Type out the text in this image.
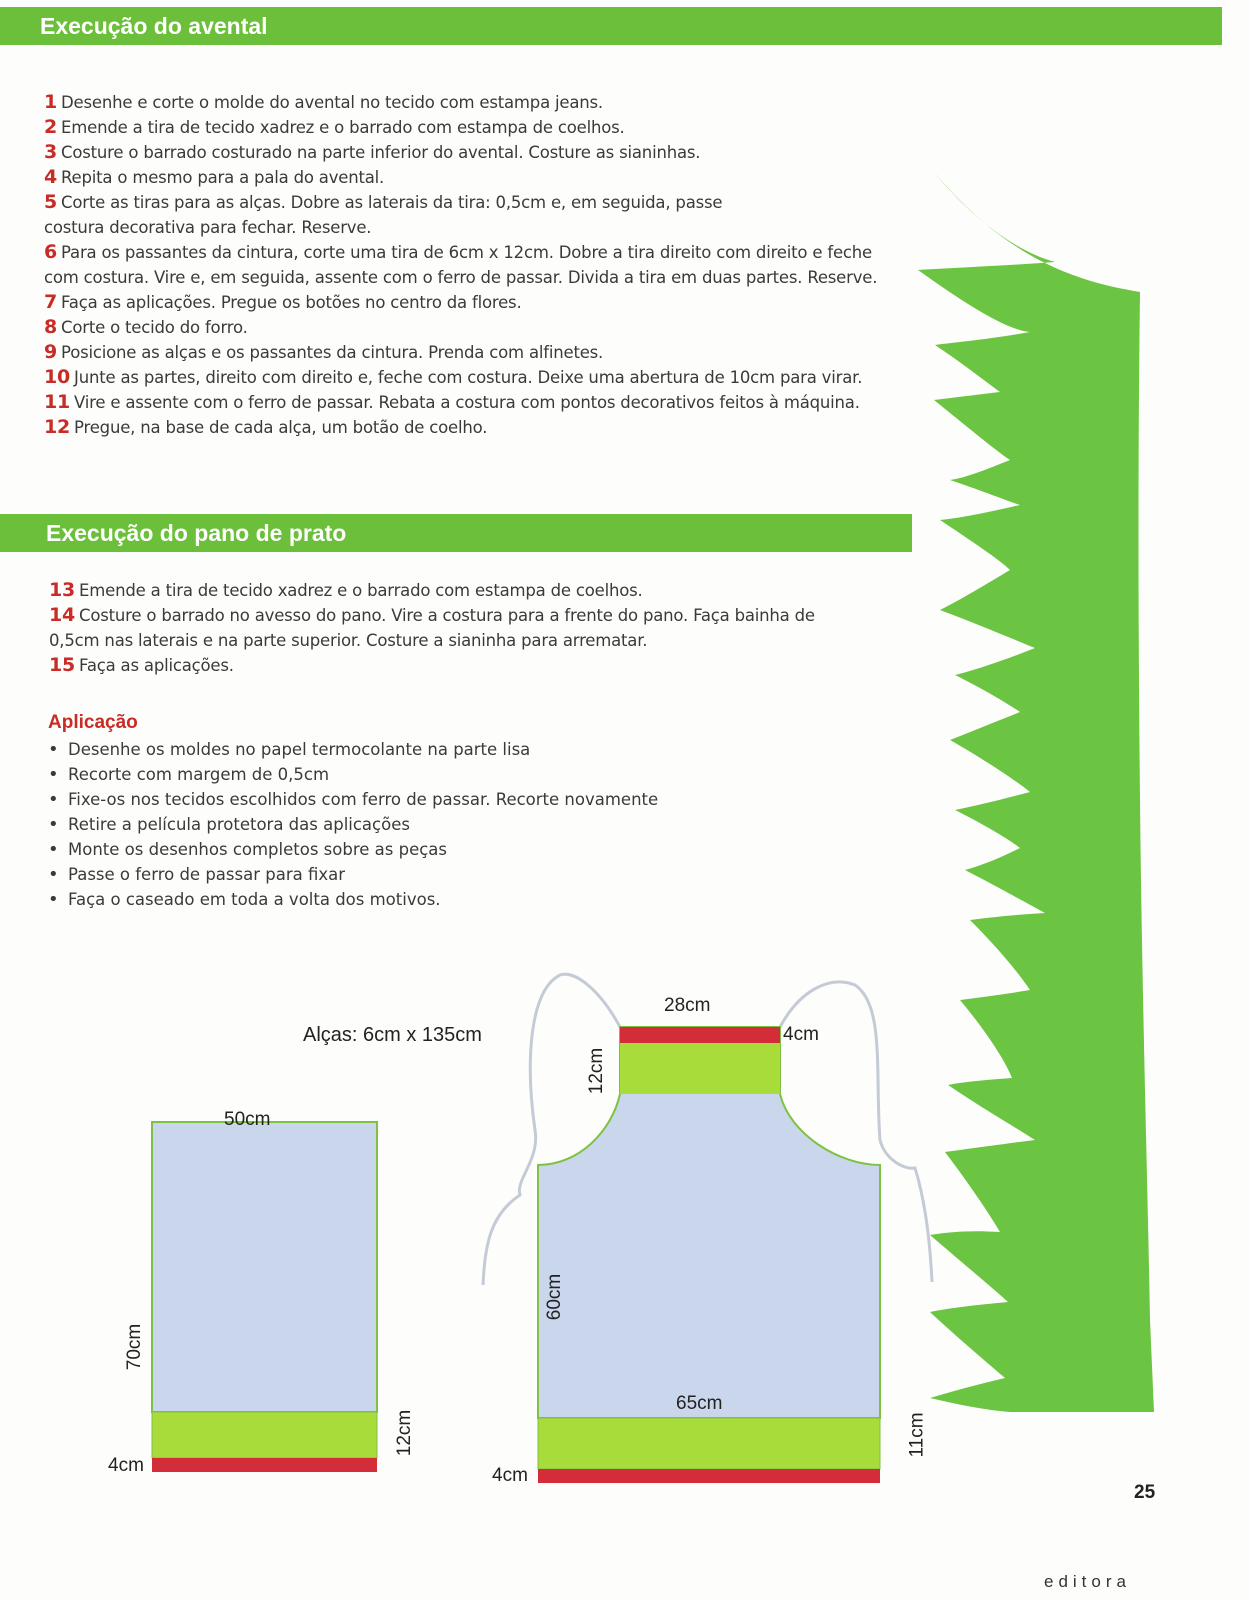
Execução do avental
1 Desenhe e corte o molde do avental no tecido com estampa jeans.
2 Emende a tira de tecido xadrez e o barrado com estampa de coelhos.
3 Costure o barrado costurado na parte inferior do avental. Costure as sianinhas.
4 Repita o mesmo para a pala do avental.
5 Corte as tiras para as alças. Dobre as laterais da tira: 0,5cm e, em seguida, passe
costura decorativa para fechar. Reserve.
6 Para os passantes da cintura, corte uma tira de 6cm x 12cm. Dobre a tira direito com direito e feche
com costura. Vire e, em seguida, assente com o ferro de passar. Divida a tira em duas partes. Reserve.
7 Faça as aplicações. Pregue os botões no centro da flores.
8 Corte o tecido do forro.
9 Posicione as alças e os passantes da cintura. Prenda com alfinetes.
10 Junte as partes, direito com direito e, feche com costura. Deixe uma abertura de 10cm para virar.
11 Vire e assente com o ferro de passar. Rebata a costura com pontos decorativos feitos à máquina.
12 Pregue, na base de cada alça, um botão de coelho.
Execução do pano de prato
13 Emende a tira de tecido xadrez e o barrado com estampa de coelhos.
14 Costure o barrado no avesso do pano. Vire a costura para a frente do pano. Faça bainha de
0,5cm nas laterais e na parte superior. Costure a sianinha para arrematar.
15 Faça as aplicações.
Aplicação
• Desenhe os moldes no papel termocolante na parte lisa
• Recorte com margem de 0,5cm
• Fixe-os nos tecidos escolhidos com ferro de passar. Recorte novamente
• Retire a película protetora das aplicações
• Monte os desenhos completos sobre as peças
• Passe o ferro de passar para fixar
• Faça o caseado em toda a volta dos motivos.
Alças: 6cm x 135cm
50cm
70cm
12cm
4cm
28cm
4cm
12cm
60cm
65cm
11cm
4cm
25
editora
